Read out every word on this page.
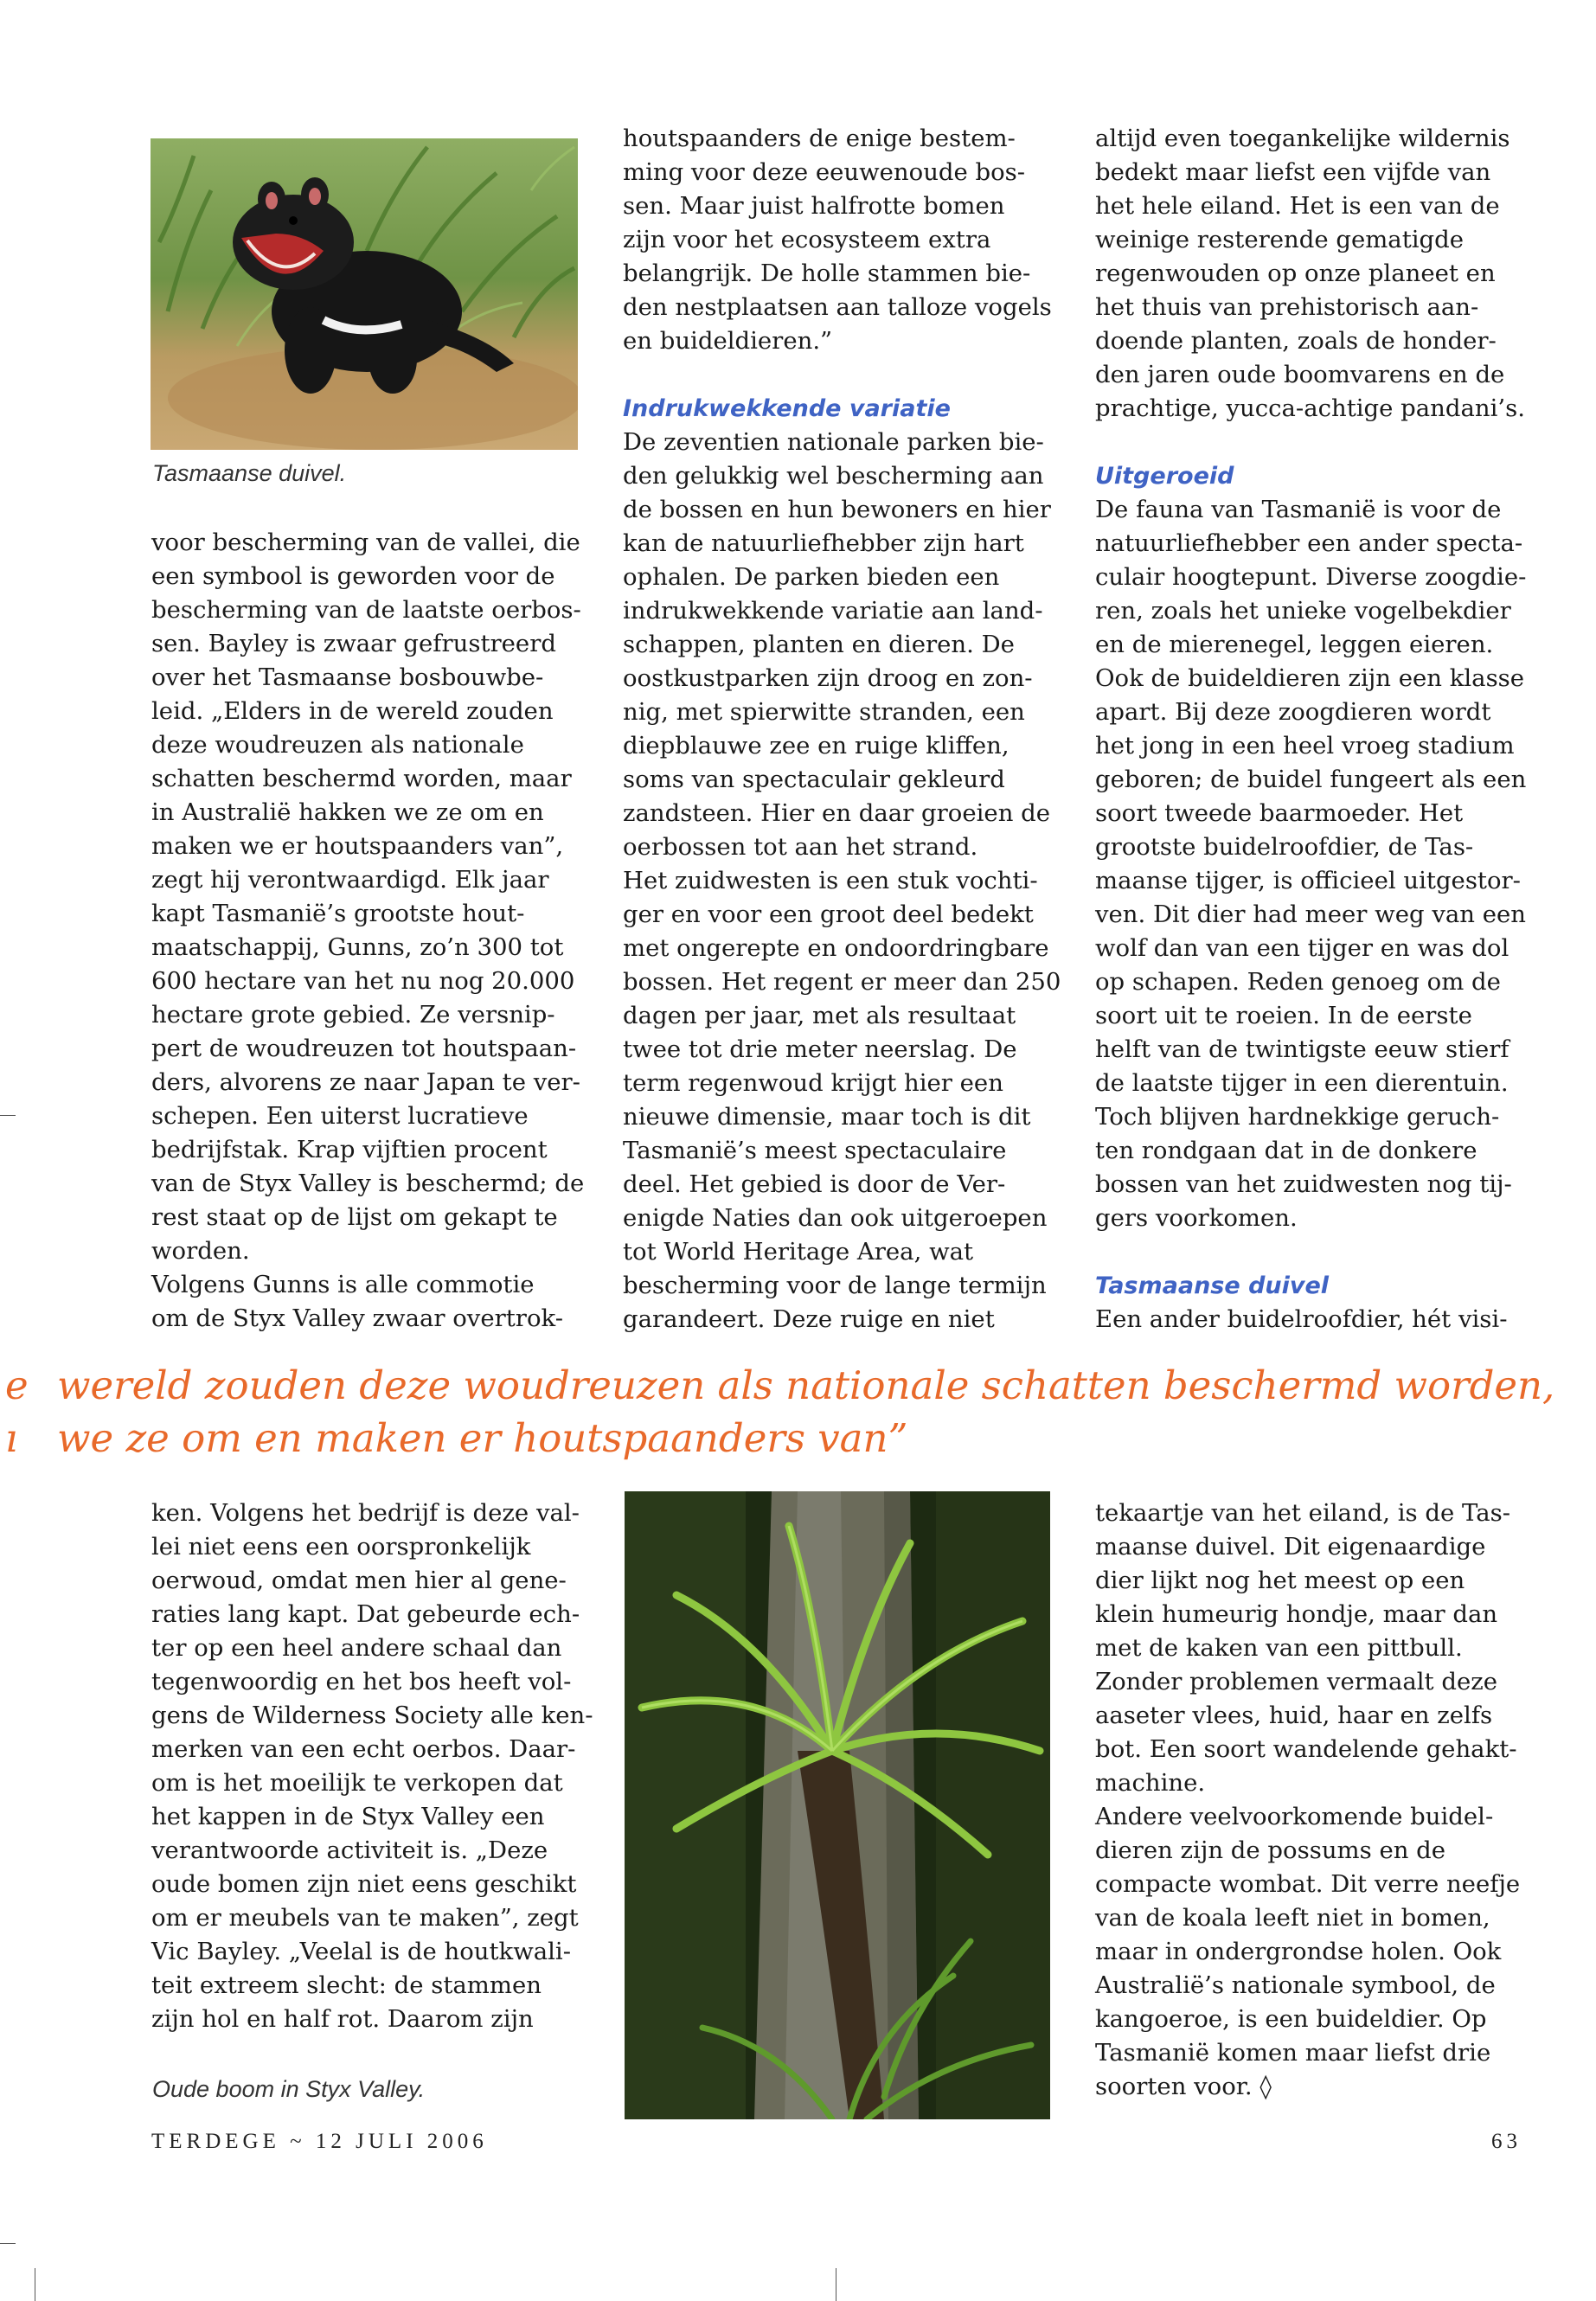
Tasmaanse duivel.

voor bescherming van de vallei, die

een symbool is geworden voor de

bescherming van de laatste oerbos-

sen. Bayley is zwaar gefrustreerd

over het Tasmaanse bosbouwbe-

leid. „Elders in de wereld zouden

deze woudreuzen als nationale

schatten beschermd worden, maar

in Australië hakken we ze om en

maken we er houtspaanders van”,

zegt hij verontwaardigd. Elk jaar

kapt Tasmanië’s grootste hout-

maatschappij, Gunns, zo’n 300 tot

600 hectare van het nu nog 20.000

hectare grote gebied. Ze versnip-

pert de woudreuzen tot houtspaan-

ders, alvorens ze naar Japan te ver-

schepen. Een uiterst lucratieve

bedrijfstak. Krap vijftien procent

van de Styx Valley is beschermd; de

rest staat op de lijst om gekapt te

worden.

Volgens Gunns is alle commotie

om de Styx Valley zwaar overtrok-

houtspaanders de enige bestem-

ming voor deze eeuwenoude bos-

sen. Maar juist halfrotte bomen

zijn voor het ecosysteem extra

belangrijk. De holle stammen bie-

den nestplaatsen aan talloze vogels

en buideldieren.”

Indrukwekkende variatie

De zeventien nationale parken bie-

den gelukkig wel bescherming aan

de bossen en hun bewoners en hier

kan de natuurliefhebber zijn hart

ophalen. De parken bieden een

indrukwekkende variatie aan land-

schappen, planten en dieren. De

oostkustparken zijn droog en zon-

nig, met spierwitte stranden, een

diepblauwe zee en ruige kliffen,

soms van spectaculair gekleurd

zandsteen. Hier en daar groeien de

oerbossen tot aan het strand.

Het zuidwesten is een stuk vochti-

ger en voor een groot deel bedekt

met ongerepte en ondoordringbare

bossen. Het regent er meer dan 250

dagen per jaar, met als resultaat

twee tot drie meter neerslag. De

term regenwoud krijgt hier een

nieuwe dimensie, maar toch is dit

Tasmanië’s meest spectaculaire

deel. Het gebied is door de Ver-

enigde Naties dan ook uitgeroepen

tot World Heritage Area, wat

bescherming voor de lange termijn

garandeert. Deze ruige en niet

altijd even toegankelijke wildernis

bedekt maar liefst een vijfde van

het hele eiland. Het is een van de

weinige resterende gematigde

regenwouden op onze planeet en

het thuis van prehistorisch aan-

doende planten, zoals de honder-

den jaren oude boomvarens en de

prachtige, yucca-achtige pandani’s.

Uitgeroeid

De fauna van Tasmanië is voor de

natuurliefhebber een ander specta-

culair hoogtepunt. Diverse zoogdie-

ren, zoals het unieke vogelbekdier

en de mierenegel, leggen eieren.

Ook de buideldieren zijn een klasse

apart. Bij deze zoogdieren wordt

het jong in een heel vroeg stadium

geboren; de buidel fungeert als een

soort tweede baarmoeder. Het

grootste buidelroofdier, de Tas-

maanse tijger, is officieel uitgestor-

ven. Dit dier had meer weg van een

wolf dan van een tijger en was dol

op schapen. Reden genoeg om de

soort uit te roeien. In de eerste

helft van de twintigste eeuw stierf

de laatste tijger in een dierentuin.

Toch blijven hardnekkige geruch-

ten rondgaan dat in de donkere

bossen van het zuidwesten nog tij-

gers voorkomen.

Tasmaanse duivel

Een ander buidelroofdier, hét visi-

e
ı
wereld zouden deze woudreuzen als nationale schatten beschermd worden,
we ze om en maken er houtspaanders van”

ken. Volgens het bedrijf is deze val-

lei niet eens een oorspronkelijk

oerwoud, omdat men hier al gene-

raties lang kapt. Dat gebeurde ech-

ter op een heel andere schaal dan

tegenwoordig en het bos heeft vol-

gens de Wilderness Society alle ken-

merken van een echt oerbos. Daar-

om is het moeilijk te verkopen dat

het kappen in de Styx Valley een

verantwoorde activiteit is. „Deze

oude bomen zijn niet eens geschikt

om er meubels van te maken”, zegt

Vic Bayley. „Veelal is de houtkwali-

teit extreem slecht: de stammen

zijn hol en half rot. Daarom zijn

Oude boom in Styx Valley.

tekaartje van het eiland, is de Tas-

maanse duivel. Dit eigenaardige

dier lijkt nog het meest op een

klein humeurig hondje, maar dan

met de kaken van een pittbull.

Zonder problemen vermaalt deze

aaseter vlees, huid, haar en zelfs

bot. Een soort wandelende gehakt-

machine.

Andere veelvoorkomende buidel-

dieren zijn de possums en de

compacte wombat. Dit verre neefje

van de koala leeft niet in bomen,

maar in ondergrondse holen. Ook

Australië’s nationale symbool, de

kangoeroe, is een buideldier. Op

Tasmanië komen maar liefst drie

soorten voor. ◊

TERDEGE ~ 12 JULI 2006	63
